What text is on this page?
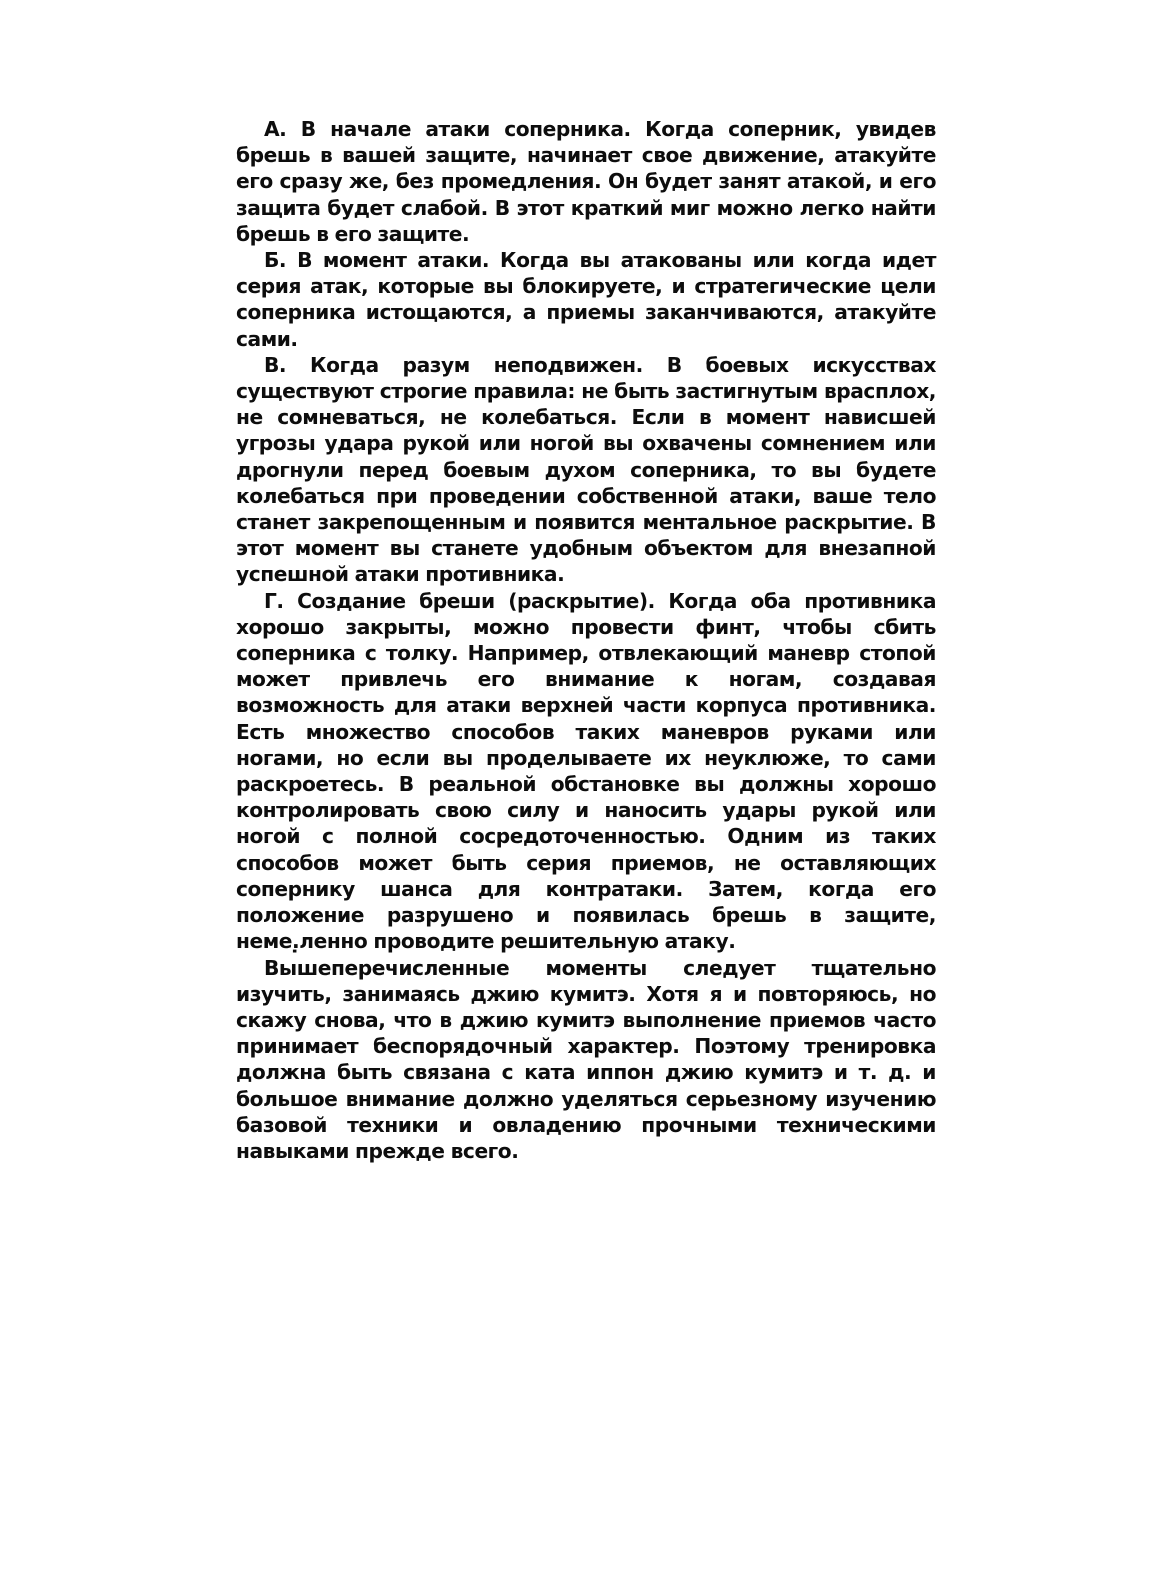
А. В начале атаки соперника. Когда соперник, увидев брешь в вашей защите, начинает свое движение, атакуйте его сразу же, без промедления. Он будет занят атакой, и его защита будет слабой. В этот краткий миг можно легко найти брешь в его защите.

Б. В момент атаки. Когда вы атакованы или когда идет серия атак, которые вы блокируете, и стратегические цели соперника истощаются, а приемы заканчиваются, атакуйте сами.

В. Когда разум неподвижен. В боевых искусствах существуют строгие правила: не быть застигнутым врасплох, не сомневаться, не колебаться. Если в момент нависшей угрозы удара рукой или ногой вы охвачены сомнением или дрогнули перед боевым духом соперника, то вы будете колебаться при проведении собственной атаки, ваше тело станет закрепощенным и появится ментальное раскрытие. В этот момент вы станете удобным объектом для внезапной успешной атаки противника.

Г. Создание бреши (раскрытие). Когда оба противника хорошо закрыты, можно провести финт, чтобы сбить соперника с толку. Например, отвлекающий маневр стопой может привлечь его внимание к ногам, создавая возможность для атаки верхней части корпуса противника. Есть множество способов таких маневров руками или ногами, но если вы проделываете их неуклюже, то сами раскроетесь. В реальной обстановке вы должны хорошо контролировать свою силу и наносить удары рукой или ногой с полной сосредоточенностью. Одним из таких способов может быть серия приемов, не оставляющих сопернику шанса для контратаки. Затем, когда его положение разрушено и появилась брешь в защите, неме.̣ленно проводите решительную атаку.

Вышеперечисленные моменты следует тщательно изучить, занимаясь джию кумитэ. Хотя я и повторяюсь, но скажу снова, что в джию кумитэ выполнение приемов часто принимает беспорядочный характер. Поэтому тренировка должна быть связана с ката иппон джию кумитэ и т. д. и большое внимание должно уделяться серьезному изучению базовой техники и овладению прочными техническими навыками прежде всего.
